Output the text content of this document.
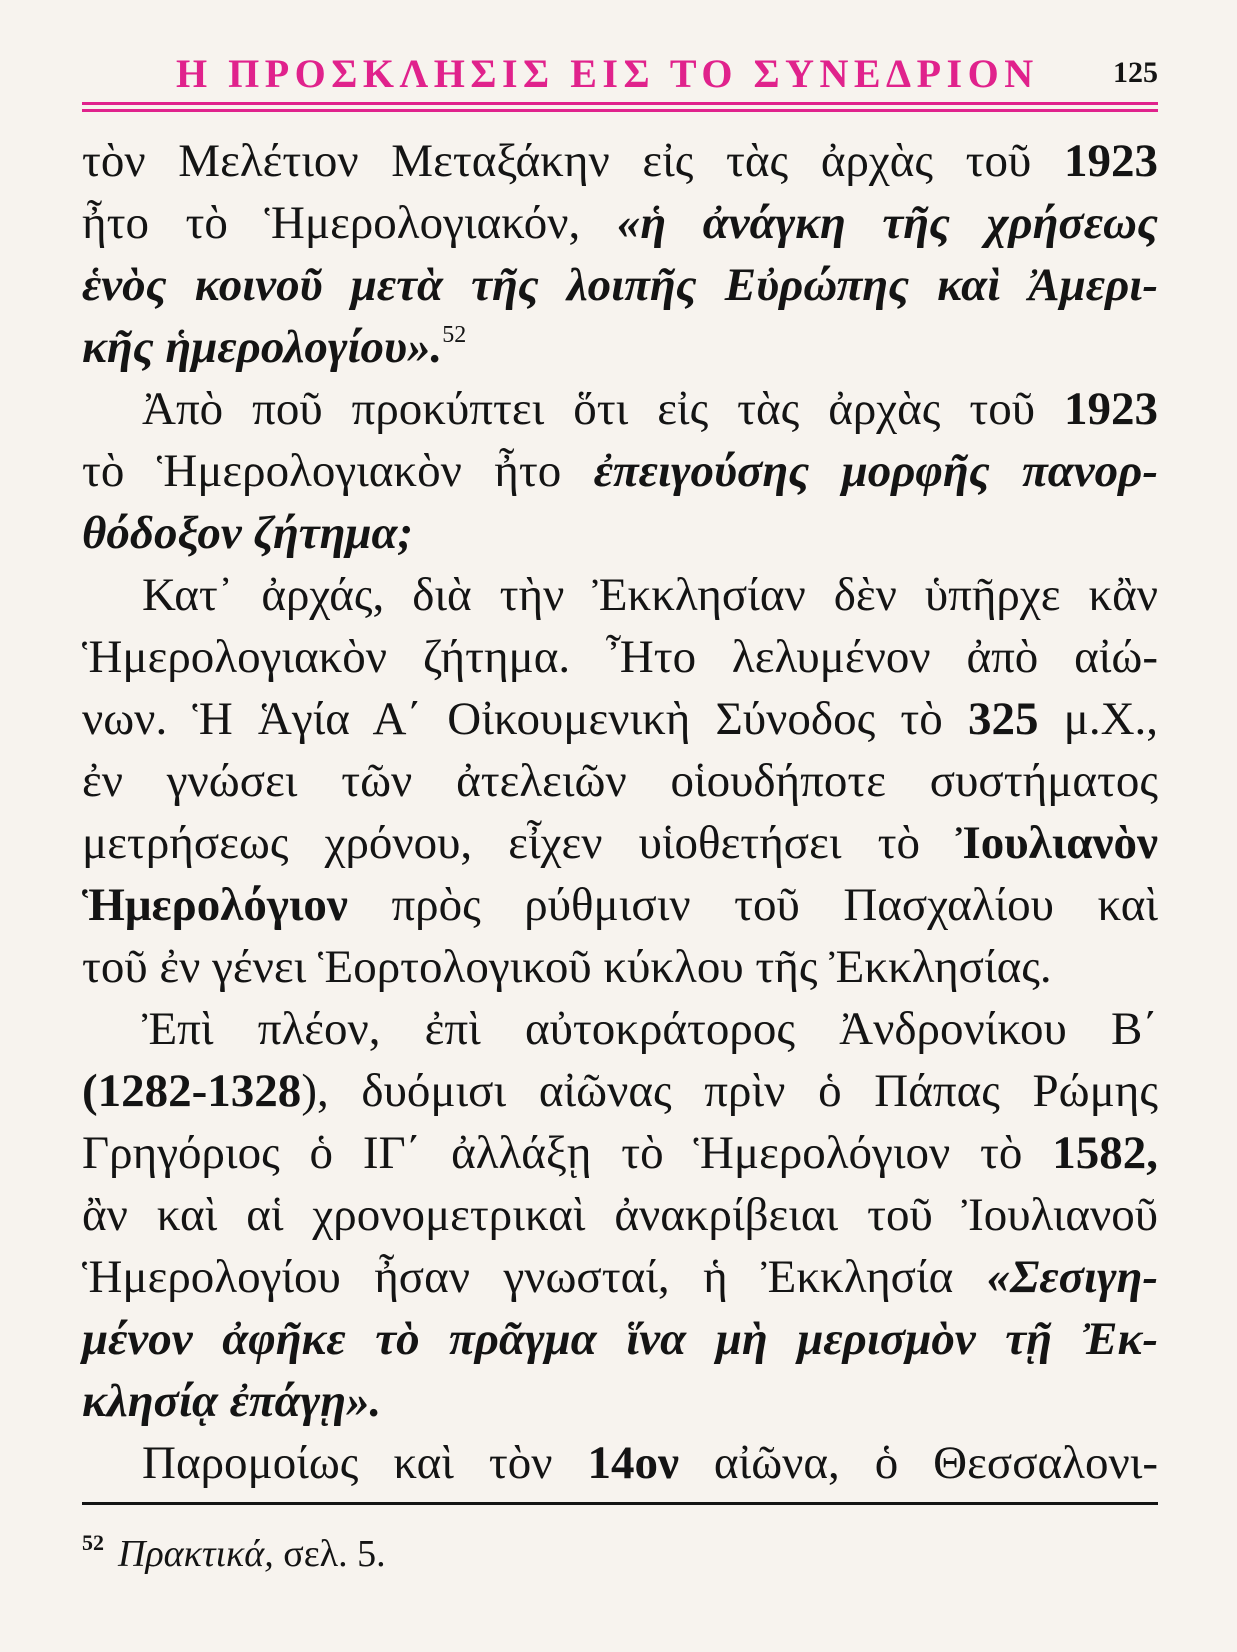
Η ΠΡΟΣΚΛΗΣΙΣ ΕΙΣ ΤΟ ΣΥΝΕΔΡΙΟΝ 125
τὸν Μελέτιον Μεταξάκην εἰς τὰς ἀρχὰς τοῦ 1923
ἦτο τὸ Ἡμερολογιακόν, «ἡ ἀνάγκη τῆς χρήσεως
ἑνὸς κοινοῦ μετὰ τῆς λοιπῆς Εὐρώπης καὶ Ἀμερι-
κῆς ἡμερολογίου».$^{52}$
Ἀπὸ ποῦ προκύπτει ὅτι εἰς τὰς ἀρχὰς τοῦ 1923
τὸ Ἡμερολογιακὸν ἦτο ἐπειγούσης μορφῆς πανορ-
θόδοξον ζήτημα;
Κατ᾽ ἀρχάς, διὰ τὴν Ἐκκλησίαν δὲν ὑπῆρχε κἂν
Ἡμερολογιακὸν ζήτημα. Ἦτο λελυμένον ἀπὸ αἰώ-
νων. Ἡ Ἁγία Α΄ Οἰκουμενικὴ Σύνοδος τὸ 325 μ.Χ.,
ἐν γνώσει τῶν ἀτελειῶν οἱουδήποτε συστήματος
μετρήσεως χρόνου, εἶχεν υἱοθετήσει τὸ Ἰουλιανὸν
Ἡμερολόγιον πρὸς ρύθμισιν τοῦ Πασχαλίου καὶ
τοῦ ἐν γένει Ἑορτολογικοῦ κύκλου τῆς Ἐκκλησίας.
Ἐπὶ πλέον, ἐπὶ αὐτοκράτορος Ἀνδρονίκου Β΄
(1282-1328), δυόμισι αἰῶνας πρὶν ὁ Πάπας Ρώμης
Γρηγόριος ὁ ΙΓ΄ ἀλλάξῃ τὸ Ἡμερολόγιον τὸ 1582,
ἂν καὶ αἱ χρονομετρικαὶ ἀνακρίβειαι τοῦ Ἰουλιανοῦ
Ἡμερολογίου ἦσαν γνωσταί, ἡ Ἐκκλησία «Σεσιγη-
μένον ἀφῆκε τὸ πρᾶγμα ἵνα μὴ μερισμὸν τῇ Ἐκ-
κλησίᾳ ἐπάγῃ».
Παρομοίως καὶ τὸν 14ον αἰῶνα, ὁ Θεσσαλονι-
$^{52}$ Πρακτικά, σελ. 5.
